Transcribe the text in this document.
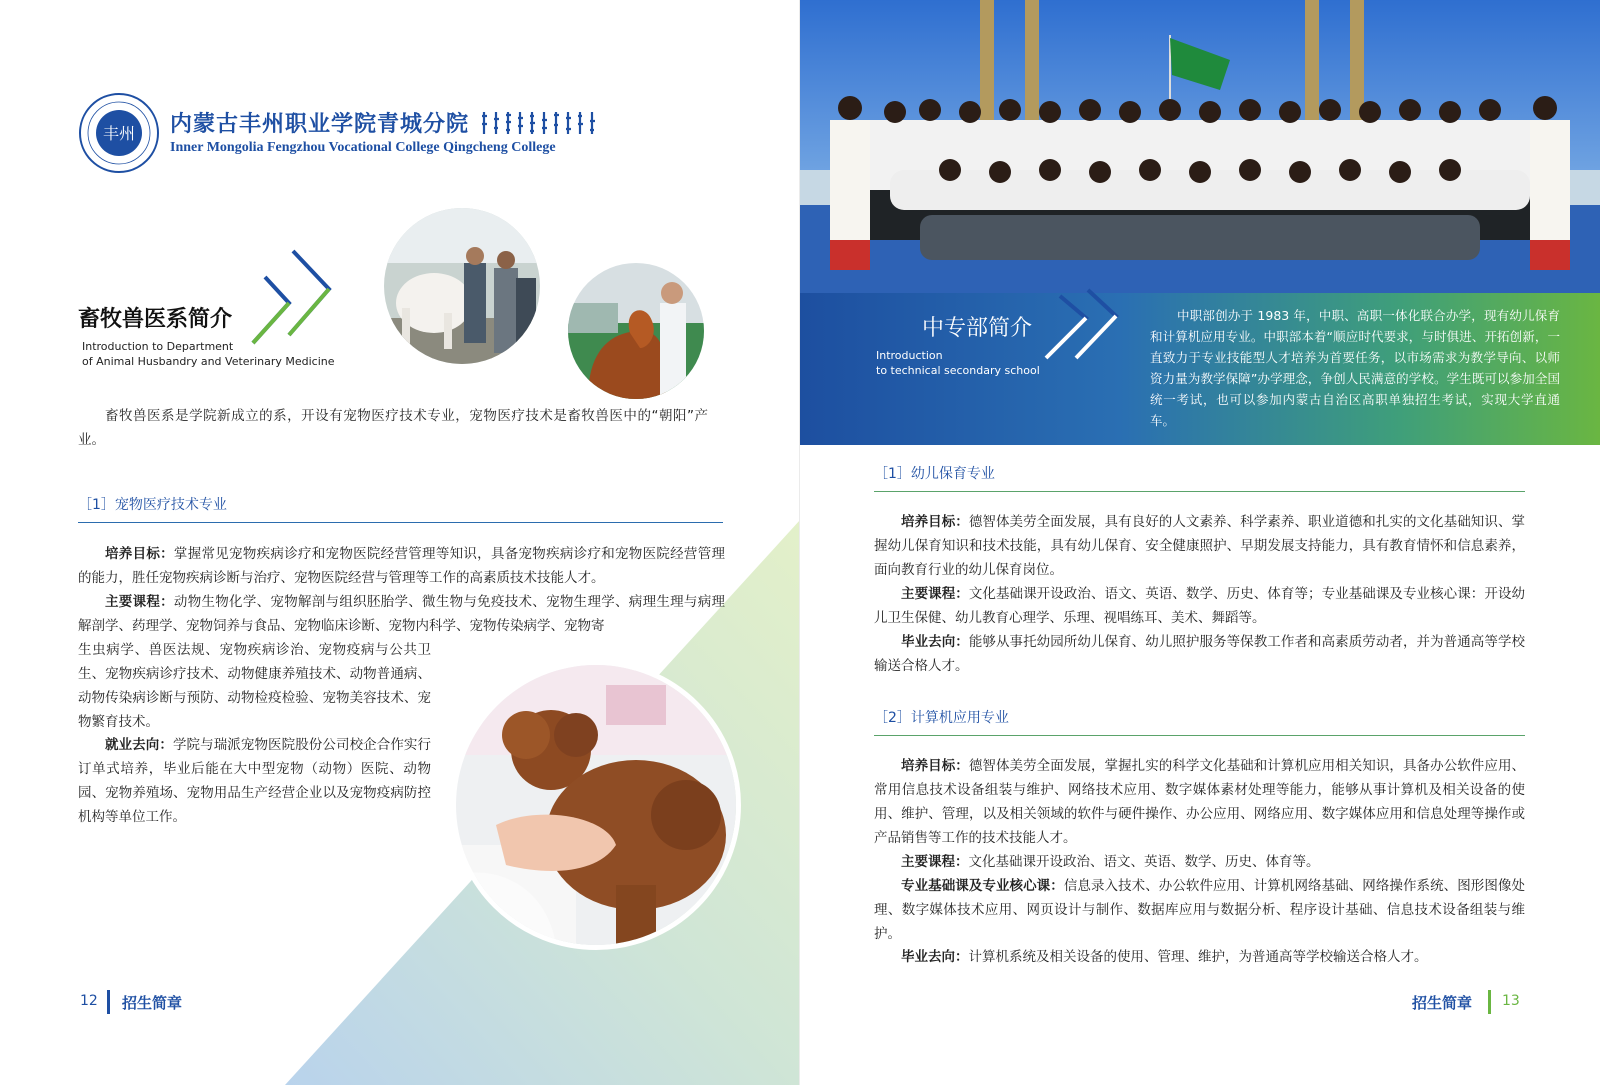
丰州 内蒙古丰州职业学院青城分院
Inner Mongolia Fengzhou Vocational College Qingcheng College
畜牧兽医系简介
Introduction to Department
of Animal Husbandry and Veterinary Medicine
畜牧兽医系是学院新成立的系，开设有宠物医疗技术专业，宠物医疗技术是畜牧兽医中的“朝阳”产业。
［1］宠物医疗技术专业
培养目标：掌握常见宠物疾病诊疗和宠物医院经营管理等知识，具备宠物疾病诊疗和宠物医院经营管理的能力，胜任宠物疾病诊断与治疗、宠物医院经营与管理等工作的高素质技术技能人才。
主要课程：动物生物化学、宠物解剖与组织胚胎学、微生物与免疫技术、宠物生理学、病理生理与病理解剖学、药理学、宠物饲养与食品、宠物临床诊断、宠物内科学、宠物传染病学、宠物寄
生虫病学、兽医法规、宠物疾病诊治、宠物疫病与公共卫生、宠物疾病诊疗技术、动物健康养殖技术、动物普通病、动物传染病诊断与预防、动物检疫检验、宠物美容技术、宠物繁育技术。
就业去向：学院与瑞派宠物医院股份公司校企合作实行订单式培养，毕业后能在大中型宠物（动物）医院、动物园、宠物养殖场、宠物用品生产经营企业以及宠物疫病防控机构等单位工作。
12 招生简章
中专部简介
Introduction
to technical secondary school
中职部创办于 1983 年，中职、高职一体化联合办学，现有幼儿保育和计算机应用专业。中职部本着“顺应时代要求，与时俱进、开拓创新，一直致力于专业技能型人才培养为首要任务，以市场需求为教学导向、以师资力量为教学保障”办学理念，争创人民满意的学校。学生既可以参加全国统一考试，也可以参加内蒙古自治区高职单独招生考试，实现大学直通车。
［1］幼儿保育专业
培养目标：德智体美劳全面发展，具有良好的人文素养、科学素养、职业道德和扎实的文化基础知识、掌握幼儿保育知识和技术技能，具有幼儿保育、安全健康照护、早期发展支持能力，具有教育情怀和信息素养，面向教育行业的幼儿保育岗位。
主要课程：文化基础课开设政治、语文、英语、数学、历史、体育等；专业基础课及专业核心课：开设幼儿卫生保健、幼儿教育心理学、乐理、视唱练耳、美术、舞蹈等。
毕业去向：能够从事托幼园所幼儿保育、幼儿照护服务等保教工作者和高素质劳动者，并为普通高等学校输送合格人才。
［2］计算机应用专业
培养目标：德智体美劳全面发展，掌握扎实的科学文化基础和计算机应用相关知识，具备办公软件应用、常用信息技术设备组装与维护、网络技术应用、数字媒体素材处理等能力，能够从事计算机及相关设备的使用、维护、管理，以及相关领域的软件与硬件操作、办公应用、网络应用、数字媒体应用和信息处理等操作或产品销售等工作的技术技能人才。
主要课程：文化基础课开设政治、语文、英语、数学、历史、体育等。
专业基础课及专业核心课：信息录入技术、办公软件应用、计算机网络基础、网络操作系统、图形图像处理、数字媒体技术应用、网页设计与制作、数据库应用与数据分析、程序设计基础、信息技术设备组装与维护。
毕业去向：计算机系统及相关设备的使用、管理、维护，为普通高等学校输送合格人才。
招生简章 13
